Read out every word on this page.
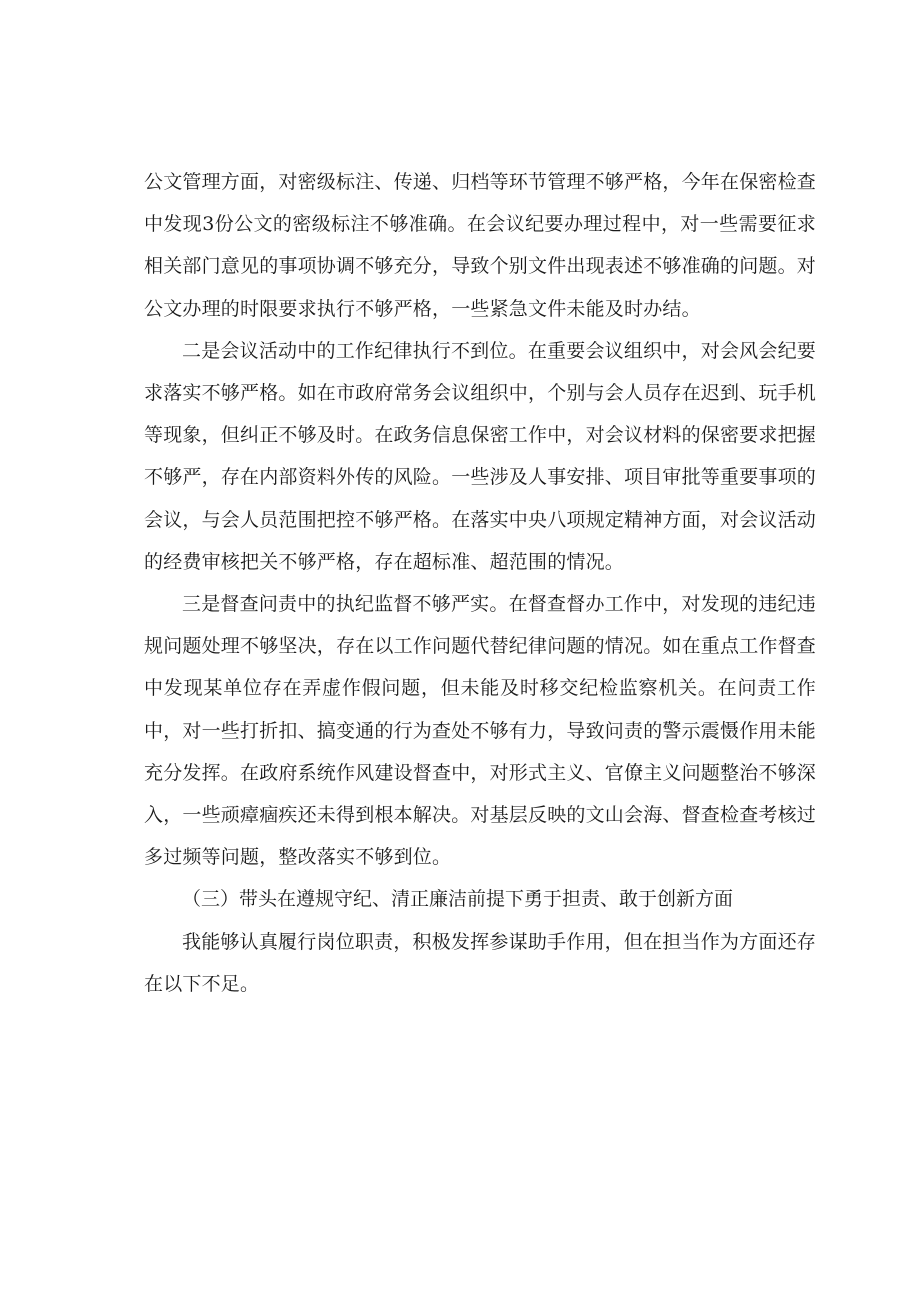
公文管理方面，对密级标注、传递、归档等环节管理不够严格，今年在保密检查中发现3份公文的密级标注不够准确。在会议纪要办理过程中，对一些需要征求相关部门意见的事项协调不够充分，导致个别文件出现表述不够准确的问题。对公文办理的时限要求执行不够严格，一些紧急文件未能及时办结。

二是会议活动中的工作纪律执行不到位。在重要会议组织中，对会风会纪要求落实不够严格。如在市政府常务会议组织中，个别与会人员存在迟到、玩手机等现象，但纠正不够及时。在政务信息保密工作中，对会议材料的保密要求把握不够严，存在内部资料外传的风险。一些涉及人事安排、项目审批等重要事项的会议，与会人员范围把控不够严格。在落实中央八项规定精神方面，对会议活动的经费审核把关不够严格，存在超标准、超范围的情况。

三是督查问责中的执纪监督不够严实。在督查督办工作中，对发现的违纪违规问题处理不够坚决，存在以工作问题代替纪律问题的情况。如在重点工作督查中发现某单位存在弄虚作假问题，但未能及时移交纪检监察机关。在问责工作中，对一些打折扣、搞变通的行为查处不够有力，导致问责的警示震慑作用未能充分发挥。在政府系统作风建设督查中，对形式主义、官僚主义问题整治不够深入，一些顽瘴痼疾还未得到根本解决。对基层反映的文山会海、督查检查考核过多过频等问题，整改落实不够到位。

（三）带头在遵规守纪、清正廉洁前提下勇于担责、敢于创新方面

我能够认真履行岗位职责，积极发挥参谋助手作用，但在担当作为方面还存在以下不足。
